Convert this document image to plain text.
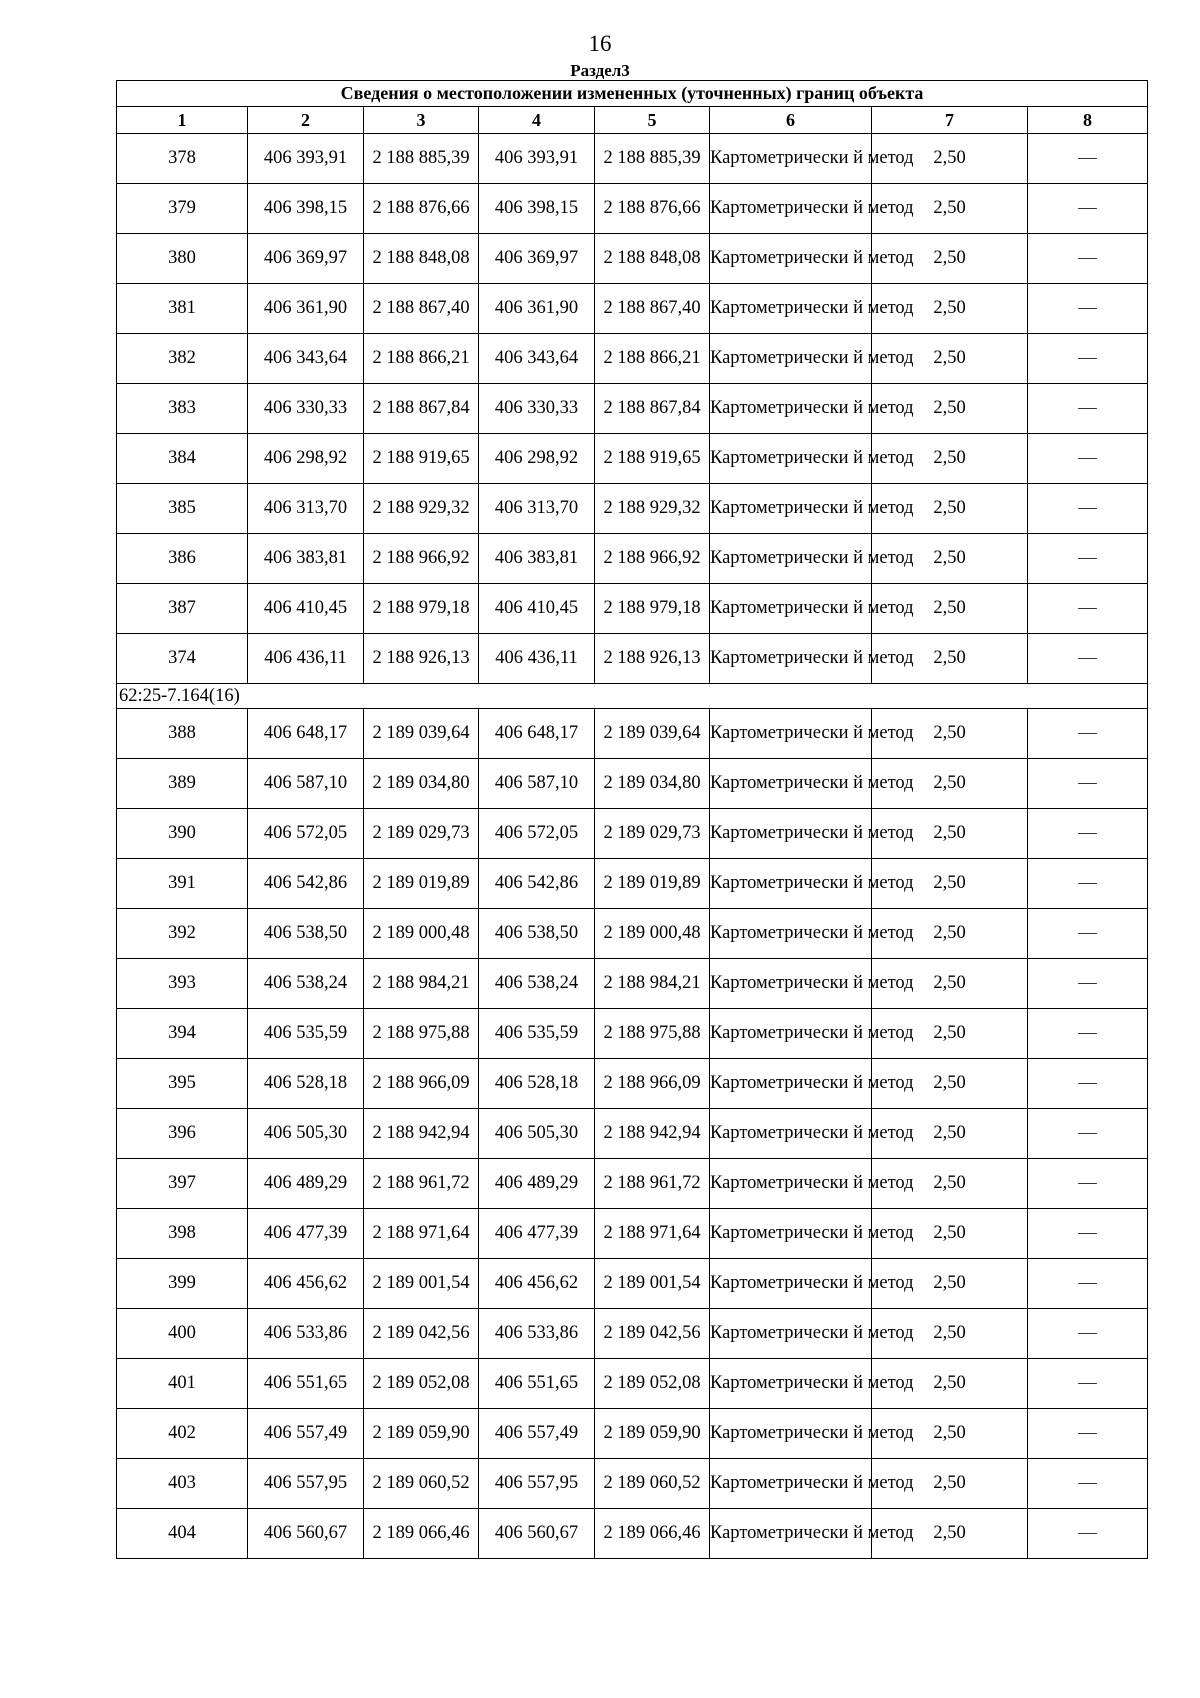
16
Раздел3
Сведения о местоположении измененных (уточненных) границ объекта							
1	2	3	4	5	6	7	8
378	406 393,91	2 188 885,39	406 393,91	2 188 885,39	Картометрически й метод	2,50	—
379	406 398,15	2 188 876,66	406 398,15	2 188 876,66	Картометрически й метод	2,50	—
380	406 369,97	2 188 848,08	406 369,97	2 188 848,08	Картометрически й метод	2,50	—
381	406 361,90	2 188 867,40	406 361,90	2 188 867,40	Картометрически й метод	2,50	—
382	406 343,64	2 188 866,21	406 343,64	2 188 866,21	Картометрически й метод	2,50	—
383	406 330,33	2 188 867,84	406 330,33	2 188 867,84	Картометрически й метод	2,50	—
384	406 298,92	2 188 919,65	406 298,92	2 188 919,65	Картометрически й метод	2,50	—
385	406 313,70	2 188 929,32	406 313,70	2 188 929,32	Картометрически й метод	2,50	—
386	406 383,81	2 188 966,92	406 383,81	2 188 966,92	Картометрически й метод	2,50	—
387	406 410,45	2 188 979,18	406 410,45	2 188 979,18	Картометрически й метод	2,50	—
374	406 436,11	2 188 926,13	406 436,11	2 188 926,13	Картометрически й метод	2,50	—
62:25-7.164(16)							
388	406 648,17	2 189 039,64	406 648,17	2 189 039,64	Картометрически й метод	2,50	—
389	406 587,10	2 189 034,80	406 587,10	2 189 034,80	Картометрически й метод	2,50	—
390	406 572,05	2 189 029,73	406 572,05	2 189 029,73	Картометрически й метод	2,50	—
391	406 542,86	2 189 019,89	406 542,86	2 189 019,89	Картометрически й метод	2,50	—
392	406 538,50	2 189 000,48	406 538,50	2 189 000,48	Картометрически й метод	2,50	—
393	406 538,24	2 188 984,21	406 538,24	2 188 984,21	Картометрически й метод	2,50	—
394	406 535,59	2 188 975,88	406 535,59	2 188 975,88	Картометрически й метод	2,50	—
395	406 528,18	2 188 966,09	406 528,18	2 188 966,09	Картометрически й метод	2,50	—
396	406 505,30	2 188 942,94	406 505,30	2 188 942,94	Картометрически й метод	2,50	—
397	406 489,29	2 188 961,72	406 489,29	2 188 961,72	Картометрически й метод	2,50	—
398	406 477,39	2 188 971,64	406 477,39	2 188 971,64	Картометрически й метод	2,50	—
399	406 456,62	2 189 001,54	406 456,62	2 189 001,54	Картометрически й метод	2,50	—
400	406 533,86	2 189 042,56	406 533,86	2 189 042,56	Картометрически й метод	2,50	—
401	406 551,65	2 189 052,08	406 551,65	2 189 052,08	Картометрически й метод	2,50	—
402	406 557,49	2 189 059,90	406 557,49	2 189 059,90	Картометрически й метод	2,50	—
403	406 557,95	2 189 060,52	406 557,95	2 189 060,52	Картометрически й метод	2,50	—
404	406 560,67	2 189 066,46	406 560,67	2 189 066,46	Картометрически й метод	2,50	—
